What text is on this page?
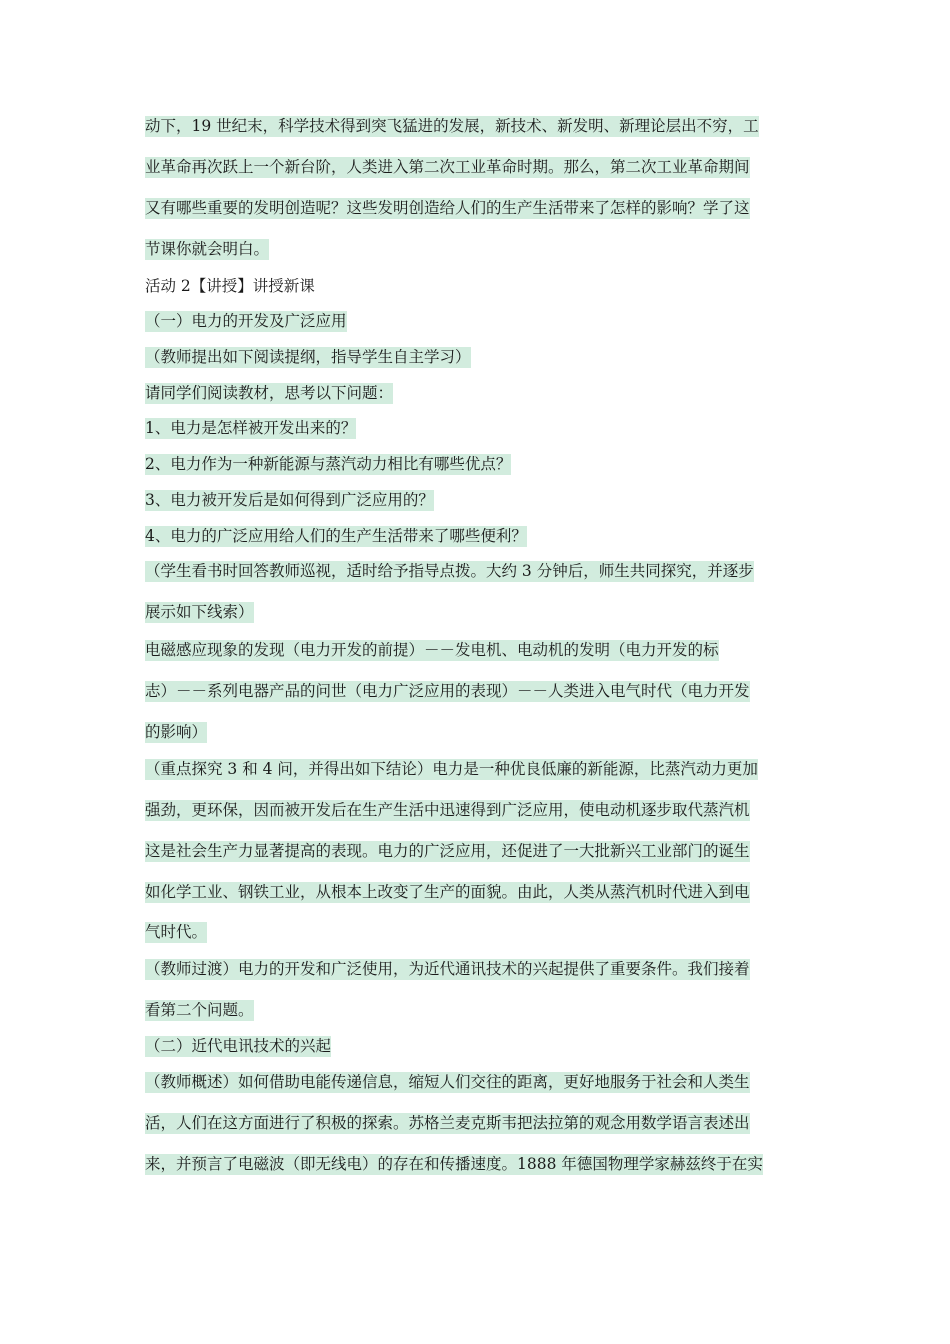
动下，19 世纪末，科学技术得到突飞猛进的发展，新技术、新发明、新理论层出不穷，工
业革命再次跃上一个新台阶，人类进入第二次工业革命时期。那么，第二次工业革命期间
又有哪些重要的发明创造呢？这些发明创造给人们的生产生活带来了怎样的影响？学了这
节课你就会明白。
活动 2【讲授】讲授新课
（一）电力的开发及广泛应用
（教师提出如下阅读提纲，指导学生自主学习）
请同学们阅读教材，思考以下问题：
1、电力是怎样被开发出来的？
2、电力作为一种新能源与蒸汽动力相比有哪些优点？
3、电力被开发后是如何得到广泛应用的？
4、电力的广泛应用给人们的生产生活带来了哪些便利？
（学生看书时回答教师巡视，适时给予指导点拨。大约 3 分钟后，师生共同探究，并逐步
展示如下线索）
电磁感应现象的发现（电力开发的前提）－－发电机、电动机的发明（电力开发的标
志）－－系列电器产品的问世（电力广泛应用的表现）－－人类进入电气时代（电力开发
的影响）
（重点探究 3 和 4 问，并得出如下结论）电力是一种优良低廉的新能源，比蒸汽动力更加
强劲，更环保，因而被开发后在生产生活中迅速得到广泛应用，使电动机逐步取代蒸汽机
这是社会生产力显著提高的表现。电力的广泛应用，还促进了一大批新兴工业部门的诞生
如化学工业、钢铁工业，从根本上改变了生产的面貌。由此，人类从蒸汽机时代进入到电
气时代。
（教师过渡）电力的开发和广泛使用，为近代通讯技术的兴起提供了重要条件。我们接着
看第二个问题。
（二）近代电讯技术的兴起
（教师概述）如何借助电能传递信息，缩短人们交往的距离，更好地服务于社会和人类生
活，人们在这方面进行了积极的探索。苏格兰麦克斯韦把法拉第的观念用数学语言表述出
来，并预言了电磁波（即无线电）的存在和传播速度。1888 年德国物理学家赫兹终于在实
